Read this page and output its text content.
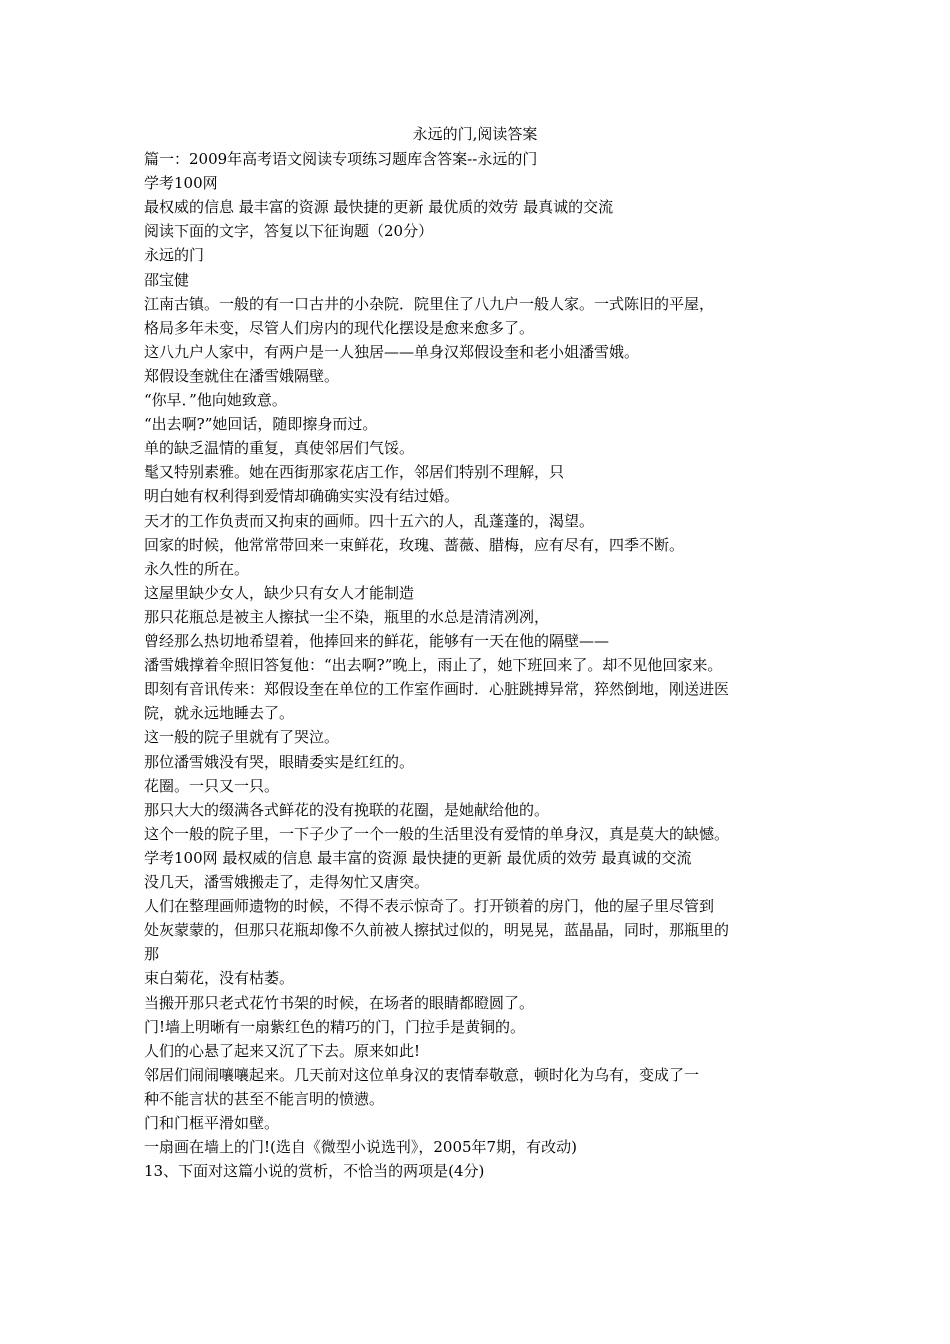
永远的门,阅读答案
篇一：2009年高考语文阅读专项练习题库含答案--永远的门
学考100网
最权威的信息 最丰富的资源 最快捷的更新 最优质的效劳 最真诚的交流
阅读下面的文字，答复以下征询题（20分）
永远的门
邵宝健
江南古镇。一般的有一口古井的小杂院．院里住了八九户一般人家。一式陈旧的平屋，
格局多年未变，尽管人们房内的现代化摆设是愈来愈多了。
这八九户人家中，有两户是一人独居——单身汉郑假设奎和老小姐潘雪娥。
郑假设奎就住在潘雪娥隔壁。
“你早．”他向她致意。
“出去啊?”她回话，随即擦身而过。
单的缺乏温情的重复，真使邻居们气馁。
髦又特别素雅。她在西街那家花店工作，邻居们特别不理解，只
明白她有权利得到爱情却确确实实没有结过婚。
天才的工作负责而又拘束的画师。四十五六的人，乱蓬蓬的，渴望。
回家的时候，他常常带回来一束鲜花，玫瑰、蔷薇、腊梅，应有尽有，四季不断。
永久性的所在。
这屋里缺少女人，缺少只有女人才能制造
那只花瓶总是被主人擦拭一尘不染，瓶里的水总是清清冽冽，
曾经那么热切地希望着，他捧回来的鲜花，能够有一天在他的隔壁——
潘雪娥撑着伞照旧答复他：“出去啊?”晚上，雨止了，她下班回来了。却不见他回家来。
即刻有音讯传来：郑假设奎在单位的工作室作画时．心脏跳搏异常，猝然倒地，刚送进医
院，就永远地睡去了。
这一般的院子里就有了哭泣。
那位潘雪娥没有哭，眼睛委实是红红的。
花圈。一只又一只。
那只大大的缀满各式鲜花的没有挽联的花圈，是她献给他的。
这个一般的院子里，一下子少了一个一般的生活里没有爱情的单身汉，真是莫大的缺憾。
学考100网 最权威的信息 最丰富的资源 最快捷的更新 最优质的效劳 最真诚的交流
没几天，潘雪娥搬走了，走得匆忙又唐突。
人们在整理画师遗物的时候，不得不表示惊奇了。打开锁着的房门，他的屋子里尽管到
处灰蒙蒙的，但那只花瓶却像不久前被人擦拭过似的，明晃晃，蓝晶晶，同时，那瓶里的
那
束白菊花，没有枯萎。
当搬开那只老式花竹书架的时候，在场者的眼睛都瞪圆了。
门!墙上明晰有一扇紫红色的精巧的门，门拉手是黄铜的。
人们的心悬了起来又沉了下去。原来如此!
邻居们闹闹嚷嚷起来。几天前对这位单身汉的衷情奉敬意，顿时化为乌有，变成了一
种不能言状的甚至不能言明的愤懑。
门和门框平滑如壁。
一扇画在墙上的门!(选自《微型小说选刊》，2005年7期，有改动)
13、下面对这篇小说的赏析，不恰当的两项是(4分)
